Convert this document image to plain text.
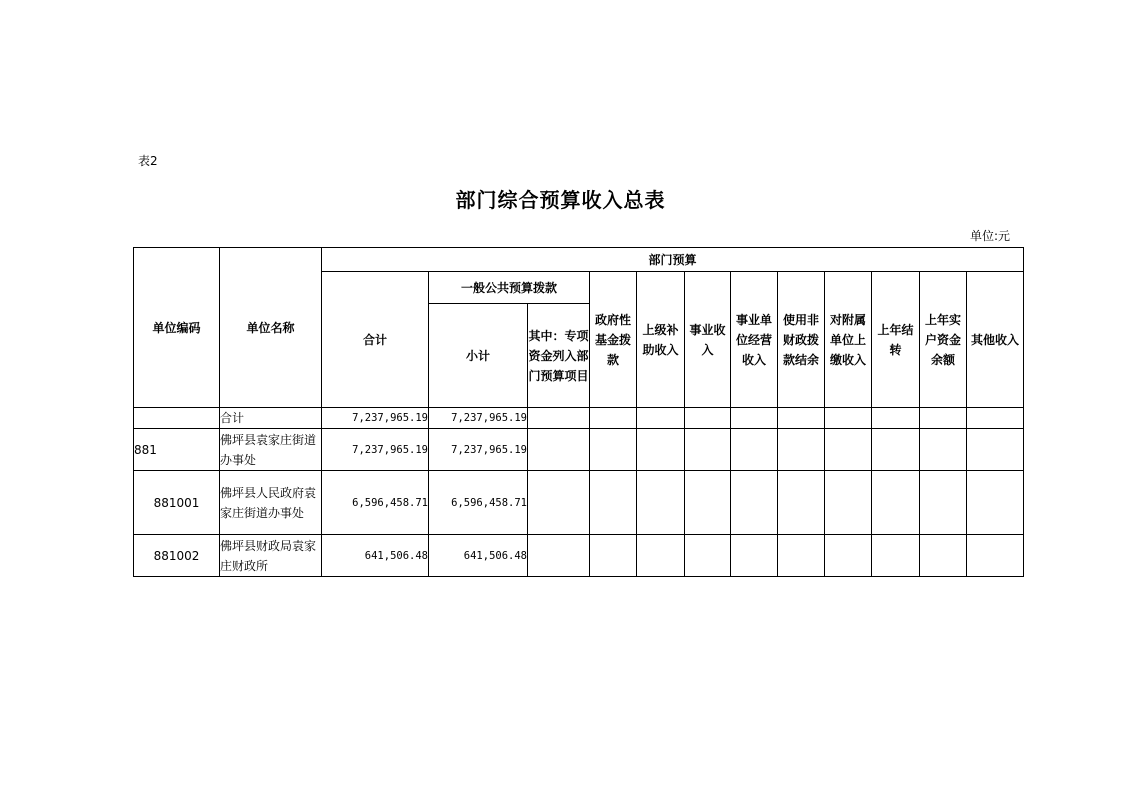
表2
部门综合预算收入总表
单位:元
单位编码	单位名称	部门预算											
		合计	一般公共预算拨款		政府性基金拨款	上级补助收入	事业收入	事业单位经营收入	使用非财政拨款结余	对附属单位上缴收入	上年结转	上年实户资金余额	其他收入
			小计	其中：专项资金列入部门预算项目									
	合计	7,237,965.19	7,237,965.19										
881	佛坪县袁家庄街道办事处	7,237,965.19	7,237,965.19										
881001	佛坪县人民政府袁家庄街道办事处	6,596,458.71	6,596,458.71										
881002	佛坪县财政局袁家庄财政所	641,506.48	641,506.48										
